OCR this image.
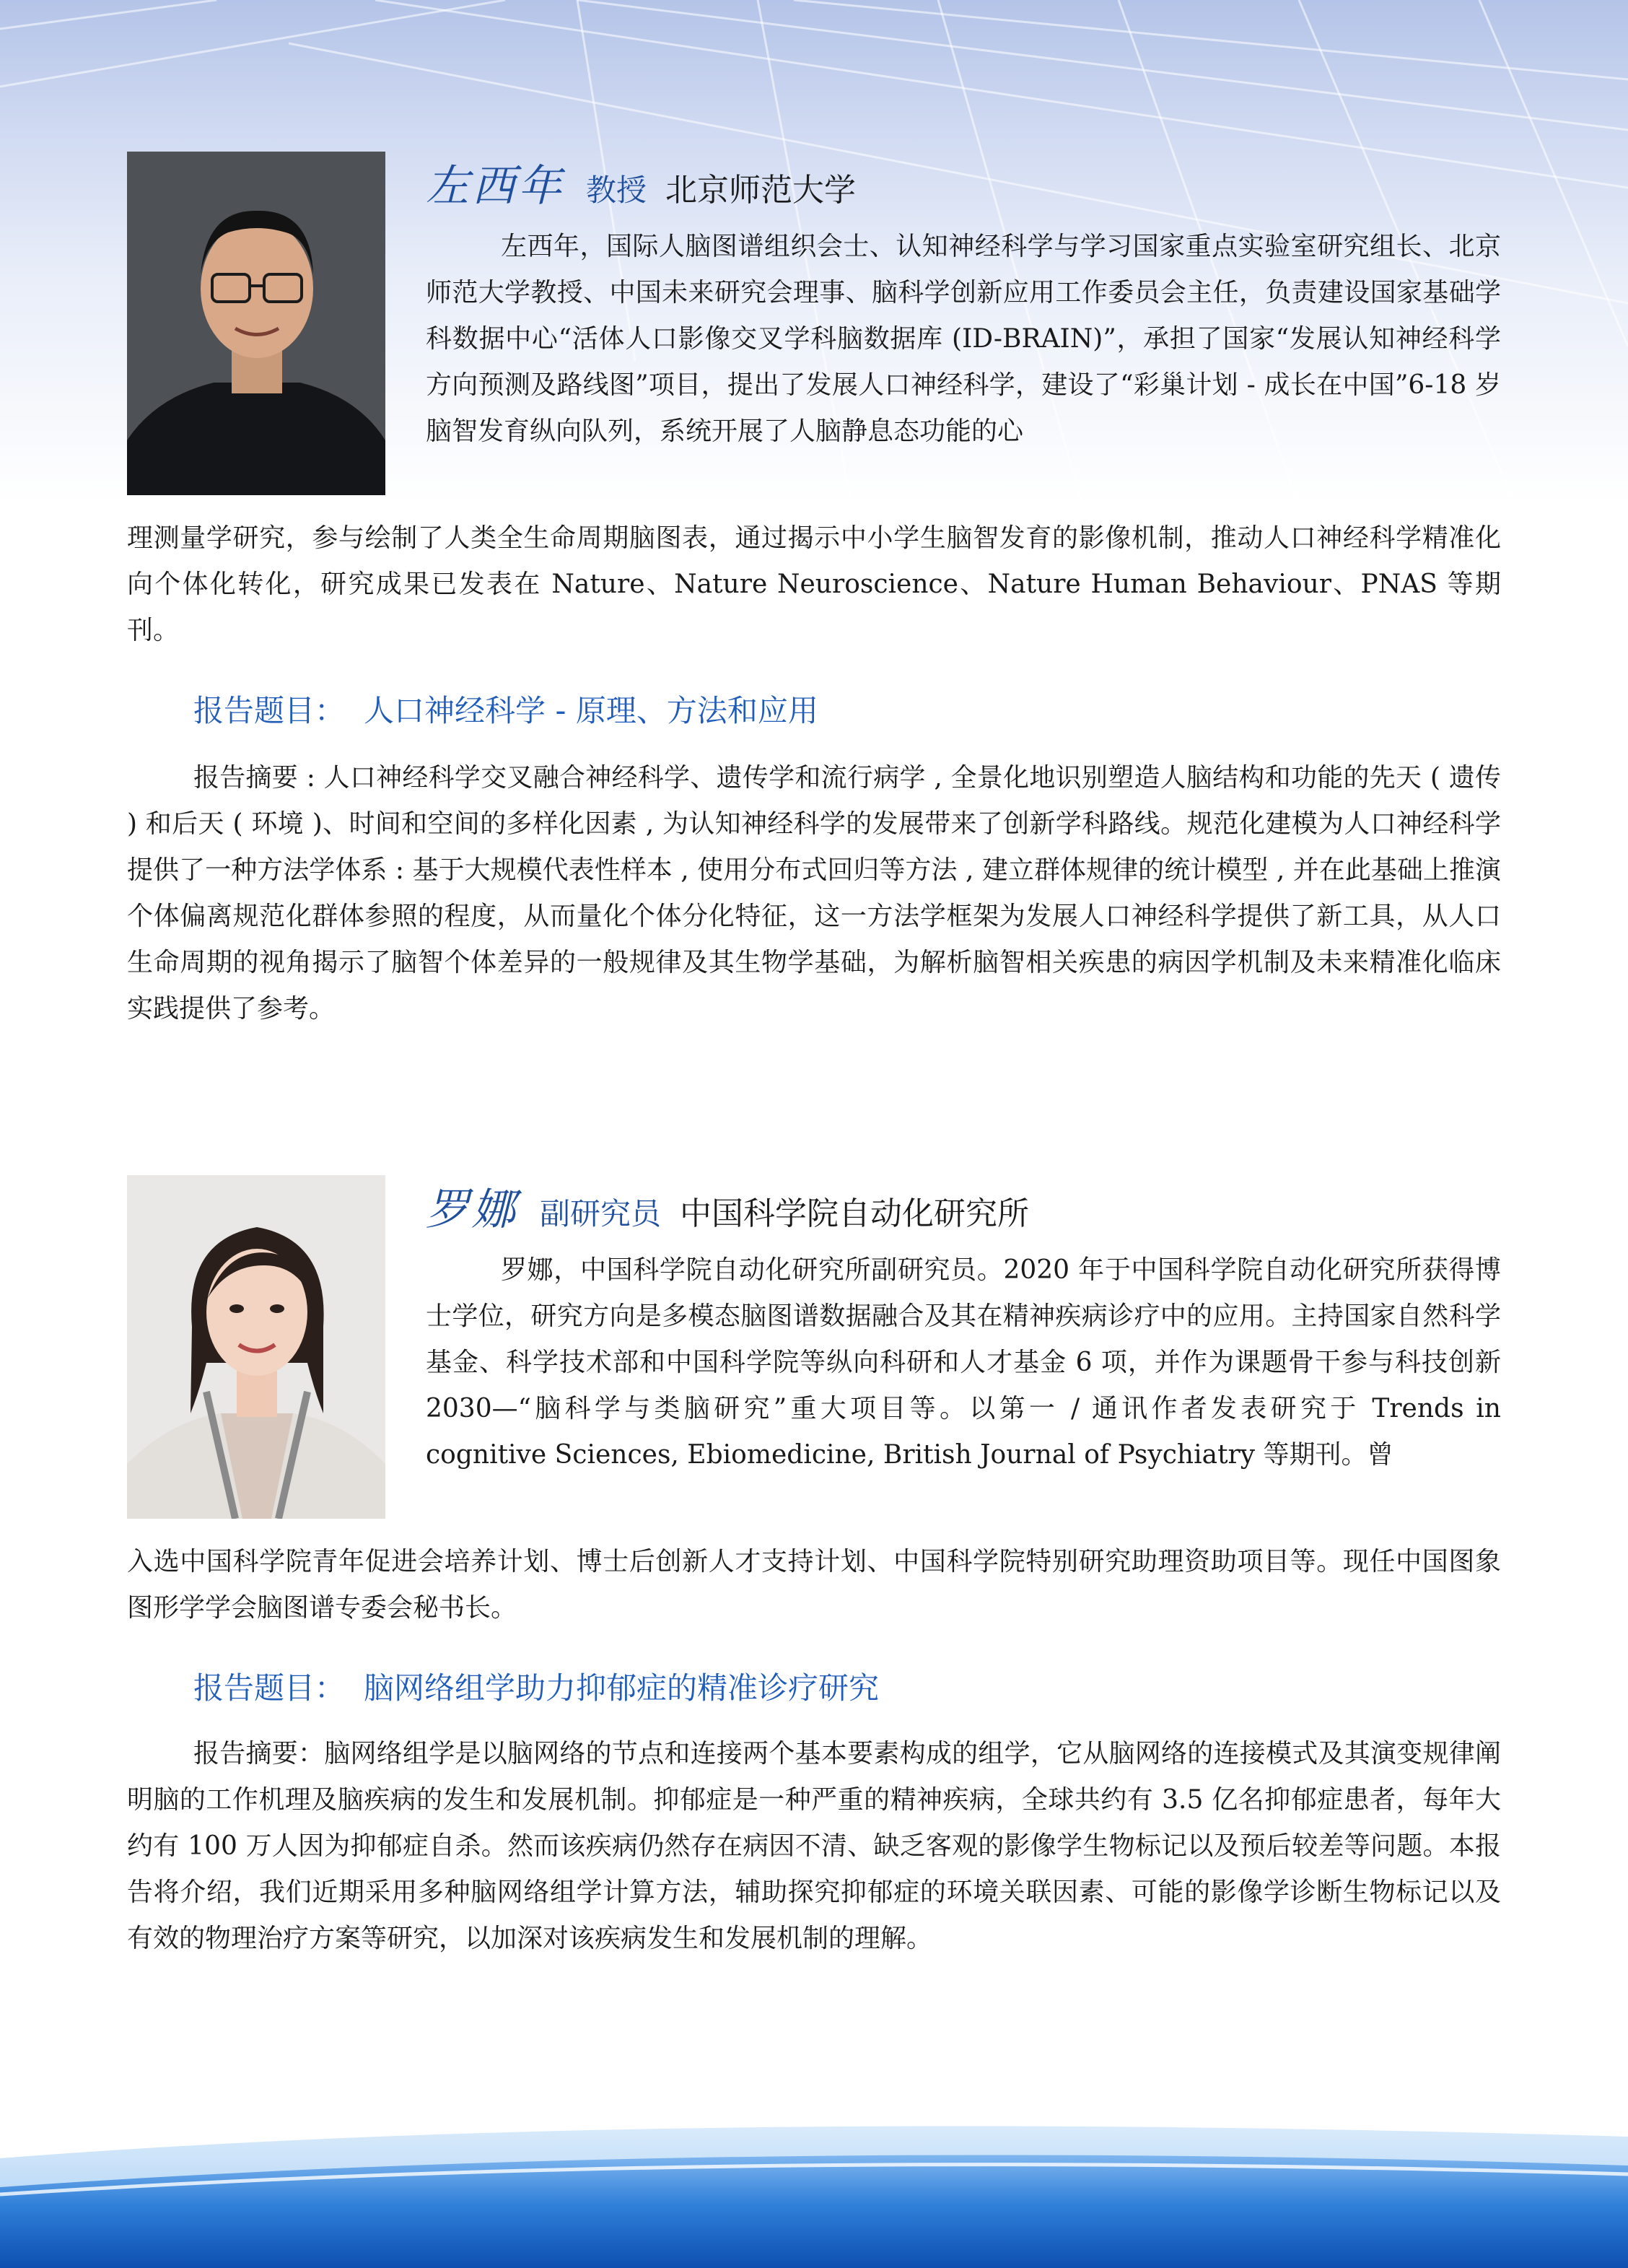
左西年 教授 北京师范大学

左西年，国际人脑图谱组织会士、认知神经科学与学习国家重点实验室研究组长、北京师范大学教授、中国未来研究会理事、脑科学创新应用工作委员会主任，负责建设国家基础学科数据中心“活体人口影像交叉学科脑数据库 (ID-BRAIN)”，承担了国家“发展认知神经科学方向预测及路线图”项目，提出了发展人口神经科学，建设了“彩巢计划 - 成长在中国”6-18 岁脑智发育纵向队列，系统开展了人脑静息态功能的心

理测量学研究，参与绘制了人类全生命周期脑图表，通过揭示中小学生脑智发育的影像机制，推动人口神经科学精准化向个体化转化，研究成果已发表在 Nature、Nature Neuroscience、Nature Human Behaviour、PNAS 等期刊。

报告题目： 人口神经科学 - 原理、方法和应用

报告摘要 : 人口神经科学交叉融合神经科学、遗传学和流行病学 , 全景化地识别塑造人脑结构和功能的先天 ( 遗传 ) 和后天 ( 环境 )、时间和空间的多样化因素 , 为认知神经科学的发展带来了创新学科路线。规范化建模为人口神经科学提供了一种方法学体系 : 基于大规模代表性样本 , 使用分布式回归等方法 , 建立群体规律的统计模型 , 并在此基础上推演个体偏离规范化群体参照的程度，从而量化个体分化特征，这一方法学框架为发展人口神经科学提供了新工具，从人口生命周期的视角揭示了脑智个体差异的一般规律及其生物学基础，为解析脑智相关疾患的病因学机制及未来精准化临床实践提供了参考。

罗娜 副研究员 中国科学院自动化研究所

罗娜，中国科学院自动化研究所副研究员。2020 年于中国科学院自动化研究所获得博士学位，研究方向是多模态脑图谱数据融合及其在精神疾病诊疗中的应用。主持国家自然科学基金、科学技术部和中国科学院等纵向科研和人才基金 6 项，并作为课题骨干参与科技创新 2030—“脑科学与类脑研究”重大项目等。以第一 / 通讯作者发表研究于 Trends in cognitive Sciences, Ebiomedicine, British Journal of Psychiatry 等期刊。曾

入选中国科学院青年促进会培养计划、博士后创新人才支持计划、中国科学院特别研究助理资助项目等。现任中国图象图形学学会脑图谱专委会秘书长。

报告题目： 脑网络组学助力抑郁症的精准诊疗研究

报告摘要：脑网络组学是以脑网络的节点和连接两个基本要素构成的组学，它从脑网络的连接模式及其演变规律阐明脑的工作机理及脑疾病的发生和发展机制。抑郁症是一种严重的精神疾病，全球共约有 3.5 亿名抑郁症患者，每年大约有 100 万人因为抑郁症自杀。然而该疾病仍然存在病因不清、缺乏客观的影像学生物标记以及预后较差等问题。本报告将介绍，我们近期采用多种脑网络组学计算方法，辅助探究抑郁症的环境关联因素、可能的影像学诊断生物标记以及有效的物理治疗方案等研究，以加深对该疾病发生和发展机制的理解。
